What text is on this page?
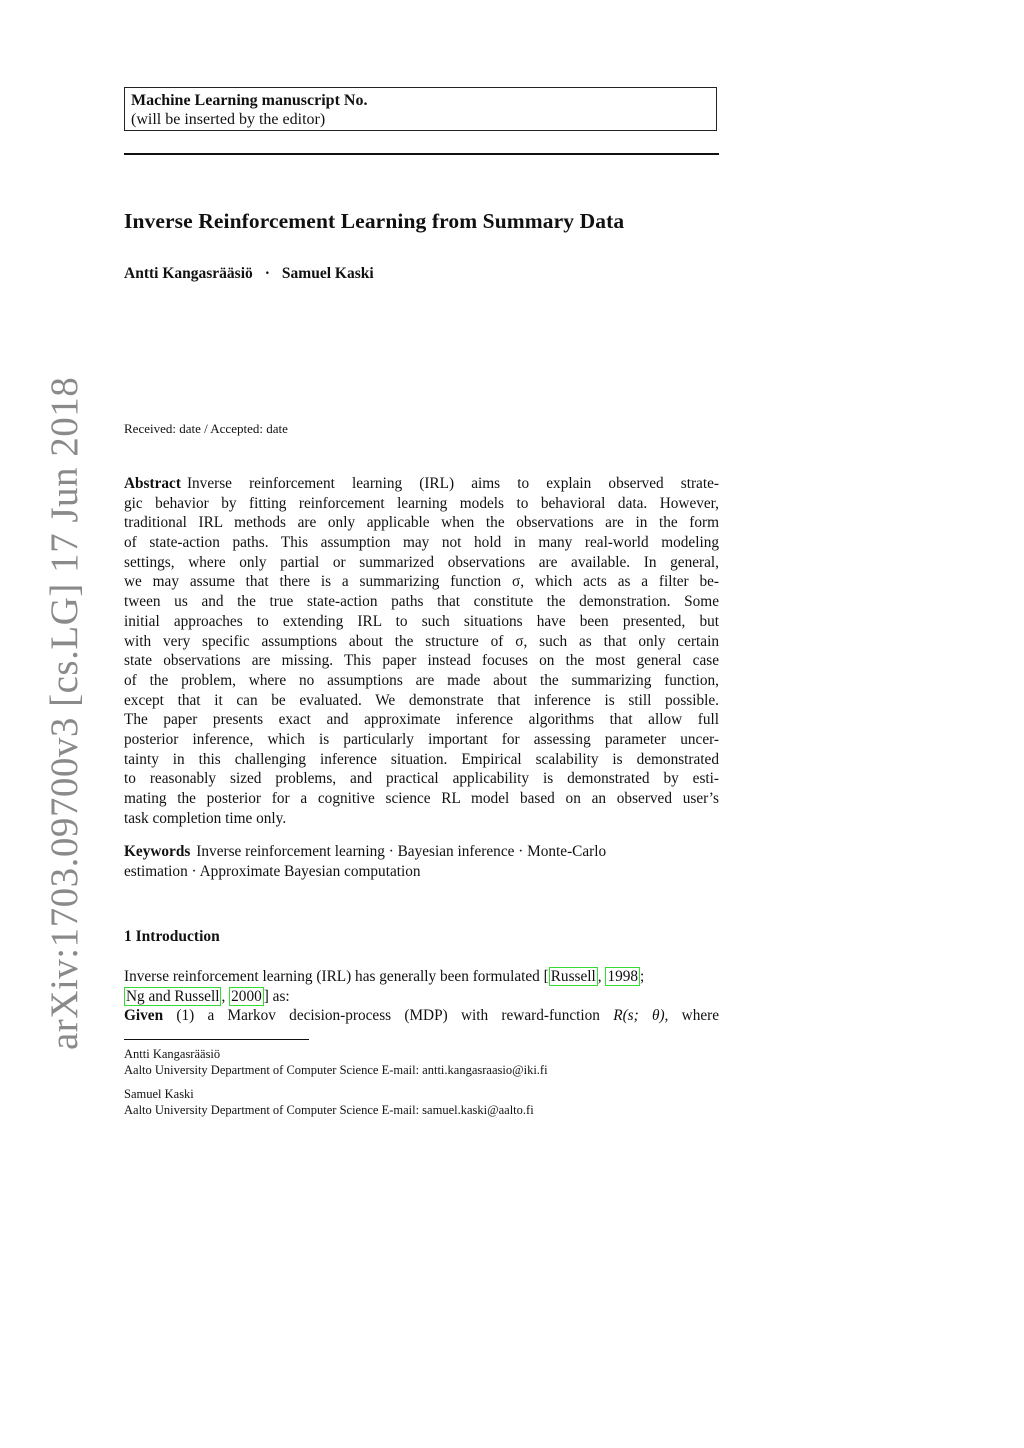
Machine Learning manuscript No.
(will be inserted by the editor)
Inverse Reinforcement Learning from Summary Data
Antti Kangasrääsiö · Samuel Kaski
Received: date / Accepted: date
Abstract Inverse reinforcement learning (IRL) aims to explain observed strate-
gic behavior by fitting reinforcement learning models to behavioral data. However,
traditional IRL methods are only applicable when the observations are in the form
of state-action paths. This assumption may not hold in many real-world modeling
settings, where only partial or summarized observations are available. In general,
we may assume that there is a summarizing function σ, which acts as a filter be-
tween us and the true state-action paths that constitute the demonstration. Some
initial approaches to extending IRL to such situations have been presented, but
with very specific assumptions about the structure of σ, such as that only certain
state observations are missing. This paper instead focuses on the most general case
of the problem, where no assumptions are made about the summarizing function,
except that it can be evaluated. We demonstrate that inference is still possible.
The paper presents exact and approximate inference algorithms that allow full
posterior inference, which is particularly important for assessing parameter uncer-
tainty in this challenging inference situation. Empirical scalability is demonstrated
to reasonably sized problems, and practical applicability is demonstrated by esti-
mating the posterior for a cognitive science RL model based on an observed user’s
task completion time only.
Keywords Inverse reinforcement learning · Bayesian inference · Monte-Carlo
estimation · Approximate Bayesian computation
1 Introduction
Inverse reinforcement learning (IRL) has generally been formulated [ Russell , 1998 ;
Ng and Russell , 2000 ] as:
Given (1) a Markov decision-process (MDP) with reward-function R(s; θ), where
Antti Kangasrääsiö
Aalto University Department of Computer Science E-mail: antti.kangasraasio@iki.fi
Samuel Kaski
Aalto University Department of Computer Science E-mail: samuel.kaski@aalto.fi
arXiv:1703.09700v3 [cs.LG] 17 Jun 2018
